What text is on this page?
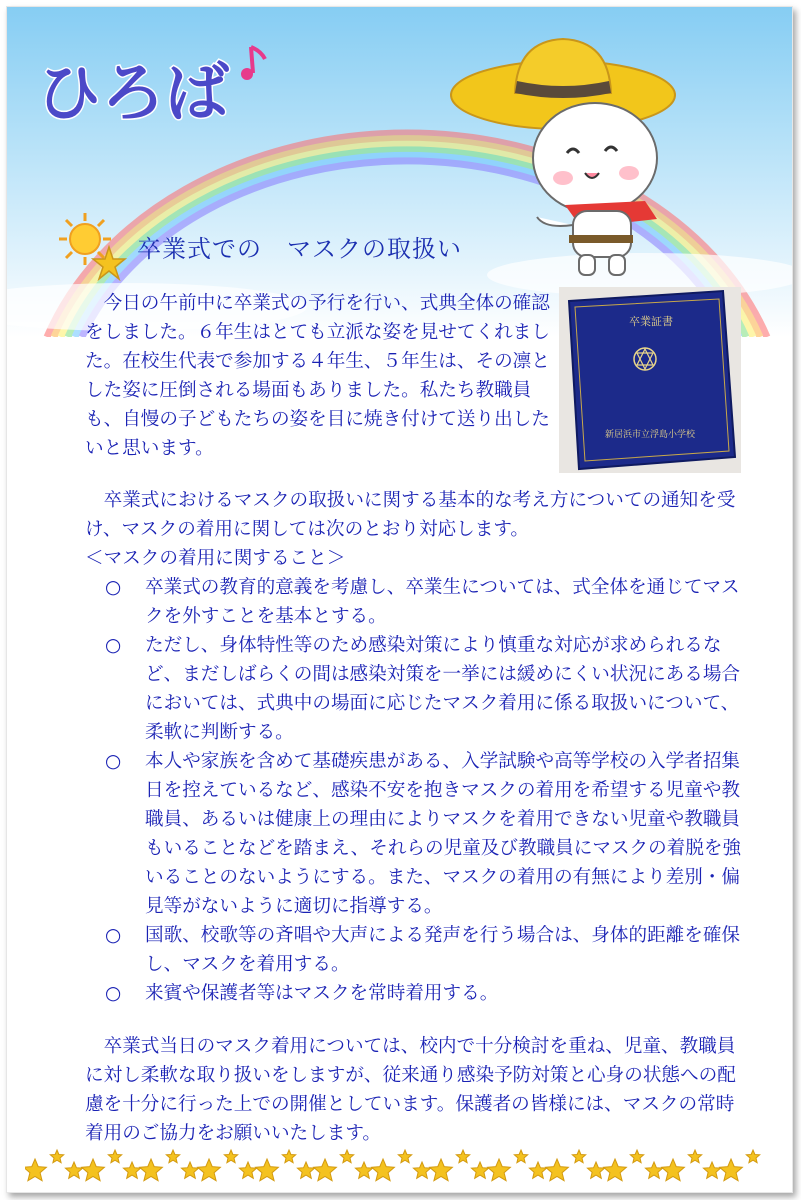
ひろば
卒業式での　マスクの取扱い
卒業証書
新居浜市立浮島小学校

今日の午前中に卒業式の予行を行い、式典全体の確認をしました。６年生はとても立派な姿を見せてくれました。在校生代表で参加する４年生、５年生は、その凛とした姿に圧倒される場面もありました。私たち教職員も、自慢の子どもたちの姿を目に焼き付けて送り出したいと思います。

卒業式におけるマスクの取扱いに関する基本的な考え方についての通知を受け、マスクの着用に関しては次のとおり対応します。

＜マスクの着用に関すること＞

○ 卒業式の教育的意義を考慮し、卒業生については、式全体を通じてマスクを外すことを基本とする。
○ ただし、身体特性等のため感染対策により慎重な対応が求められるなど、まだしばらくの間は感染対策を一挙には緩めにくい状況にある場合においては、式典中の場面に応じたマスク着用に係る取扱いについて、柔軟に判断する。
○ 本人や家族を含めて基礎疾患がある、入学試験や高等学校の入学者招集日を控えているなど、感染不安を抱きマスクの着用を希望する児童や教職員、あるいは健康上の理由によりマスクを着用できない児童や教職員もいることなどを踏まえ、それらの児童及び教職員にマスクの着脱を強いることのないようにする。また、マスクの着用の有無により差別・偏見等がないように適切に指導する。
○ 国歌、校歌等の斉唱や大声による発声を行う場合は、身体的距離を確保し、マスクを着用する。
○ 来賓や保護者等はマスクを常時着用する。

卒業式当日のマスク着用については、校内で十分検討を重ね、児童、教職員に対し柔軟な取り扱いをしますが、従来通り感染予防対策と心身の状態への配慮を十分に行った上での開催としています。保護者の皆様には、マスクの常時着用のご協力をお願いいたします。
